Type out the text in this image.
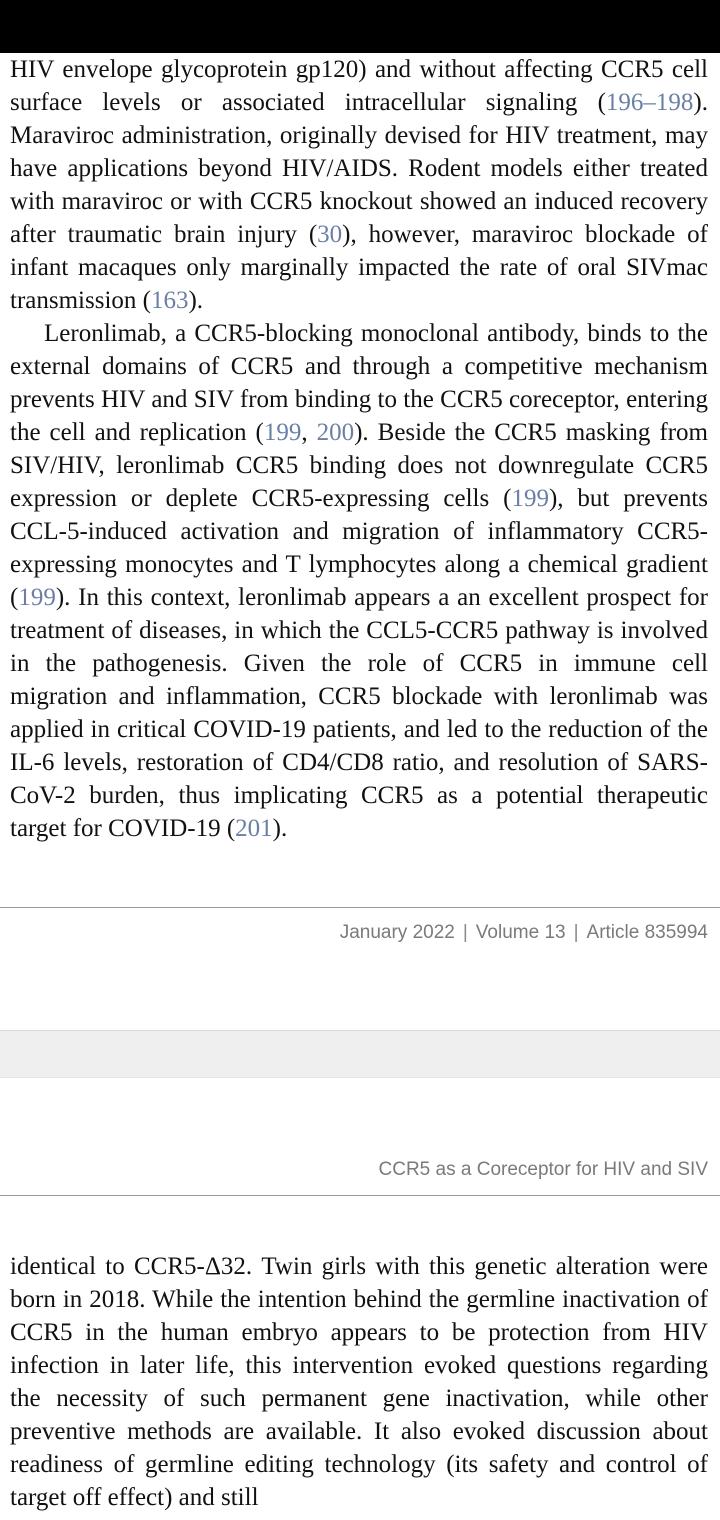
HIV envelope glycoprotein gp120) and without affecting CCR5 cell surface levels or associated intracellular signaling (196–198). Maraviroc administration, originally devised for HIV treatment, may have applications beyond HIV/AIDS. Rodent models either treated with maraviroc or with CCR5 knockout showed an induced recovery after traumatic brain injury (30), however, maraviroc blockade of infant macaques only marginally impacted the rate of oral SIVmac transmission (163).

Leronlimab, a CCR5-blocking monoclonal antibody, binds to the external domains of CCR5 and through a competitive mechanism prevents HIV and SIV from binding to the CCR5 coreceptor, entering the cell and replication (199, 200). Beside the CCR5 masking from SIV/HIV, leronlimab CCR5 binding does not downregulate CCR5 expression or deplete CCR5-expressing cells (199), but prevents CCL-5-induced activation and migration of inflammatory CCR5-expressing monocytes and T lymphocytes along a chemical gradient (199). In this context, leronlimab appears a an excellent prospect for treatment of diseases, in which the CCL5-CCR5 pathway is involved in the pathogenesis. Given the role of CCR5 in immune cell migration and inflammation, CCR5 blockade with leronlimab was applied in critical COVID-19 patients, and led to the reduction of the IL-6 levels, restoration of CD4/CD8 ratio, and resolution of SARS-CoV-2 burden, thus implicating CCR5 as a potential therapeutic target for COVID-19 (201).

January 2022 | Volume 13 | Article 835994
CCR5 as a Coreceptor for HIV and SIV

identical to CCR5-Δ32. Twin girls with this genetic alteration were born in 2018. While the intention behind the germline inactivation of CCR5 in the human embryo appears to be protection from HIV infection in later life, this intervention evoked questions regarding the necessity of such permanent gene inactivation, while other preventive methods are available. It also evoked discussion about readiness of germline editing technology (its safety and control of target off effect) and still
